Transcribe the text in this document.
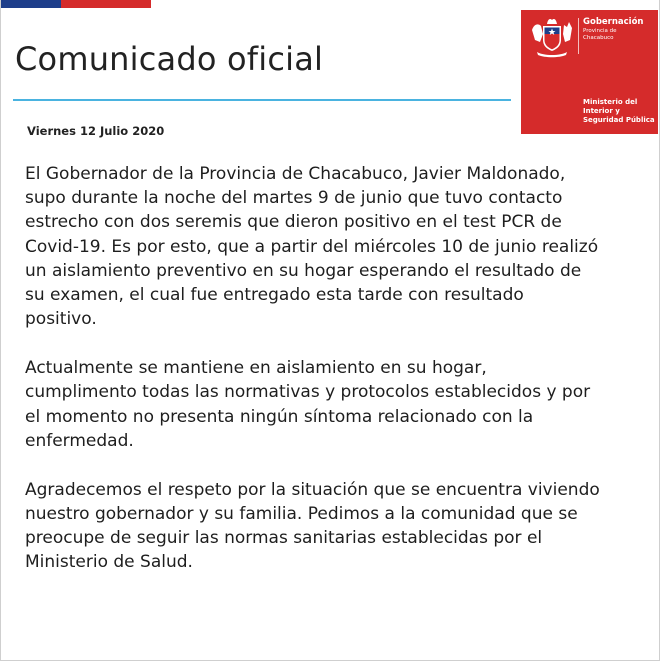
Comunicado oficial
Viernes 12 Julio 2020
Gobernación
Provincia de
Chacabuco
Ministerio del
Interior y
Seguridad Pública

El Gobernador de la Provincia de Chacabuco, Javier Maldonado,
supo durante la noche del martes 9 de junio que tuvo contacto
estrecho con dos seremis que dieron positivo en el test PCR de
Covid-19. Es por esto, que a partir del miércoles 10 de junio realizó
un aislamiento preventivo en su hogar esperando el resultado de
su examen, el cual fue entregado esta tarde con resultado
positivo.

Actualmente se mantiene en aislamiento en su hogar,
cumplimento todas las normativas y protocolos establecidos y por
el momento no presenta ningún síntoma relacionado con la
enfermedad.

Agradecemos el respeto por la situación que se encuentra viviendo
nuestro gobernador y su familia. Pedimos a la comunidad que se
preocupe de seguir las normas sanitarias establecidas por el
Ministerio de Salud.
